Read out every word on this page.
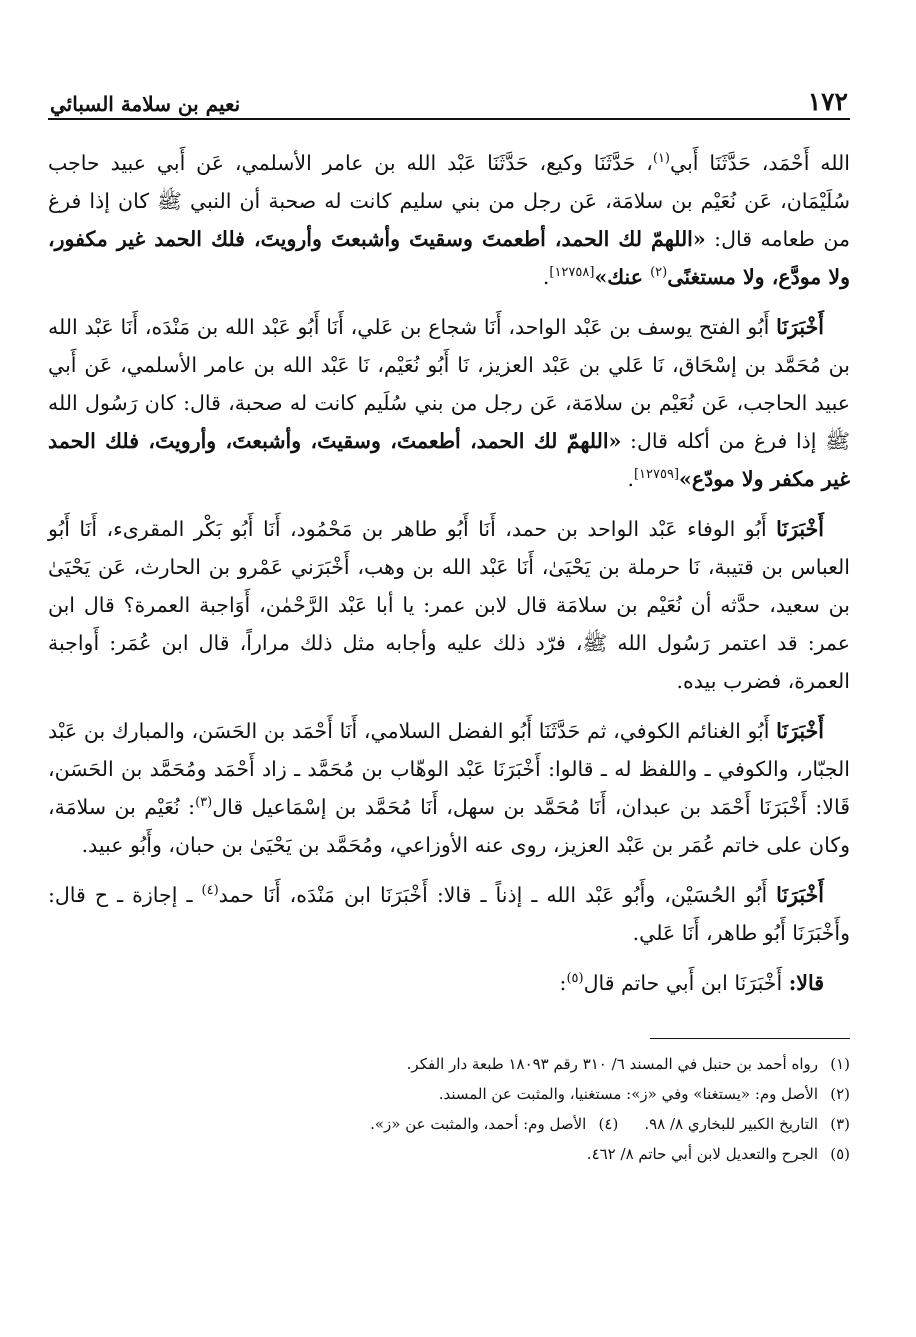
١٧٢
نعيم بن سلامة السبائي

الله أَحْمَد، حَدَّثَنَا أَبي$^{(١)}$، حَدَّثَنَا وكيع، حَدَّثَنَا عَبْد الله بن عامر الأسلمي، عَن أَبي عبيد حاجب سُلَيْمَان، عَن نُعَيْم بن سلامَة، عَن رجل من بني سليم كانت له صحبة أن النبي ﷺ كان إذا فرغ من طعامه قال: «اللهمّ لك الحمد، أطعمتَ وسقيتَ وأشبعتَ وأرويتَ، فلك الحمد غير مكفور، ولا مودَّع، ولا مستغنًى$^{(٢)}$ عنك»[١٢٧٥٨].

أَخْبَرَنَا أَبُو الفتح يوسف بن عَبْد الواحد، أَنَا شجاع بن عَلي، أَنَا أَبُو عَبْد الله بن مَنْدَه، أَنَا عَبْد الله بن مُحَمَّد بن إسْحَاق، نَا عَلي بن عَبْد العزيز، نَا أَبُو نُعَيْم، نَا عَبْد الله بن عامر الأسلمي، عَن أَبي عبيد الحاجب، عَن نُعَيْم بن سلامَة، عَن رجل من بني سُلَيم كانت له صحبة، قال: كان رَسُول الله ﷺ إذا فرغ من أكله قال: «اللهمّ لك الحمد، أطعمتَ، وسقيتَ، وأشبعتَ، وأرويتَ، فلك الحمد غير مكفر ولا مودّع»[١٢٧٥٩].

أَخْبَرَنَا أَبُو الوفاء عَبْد الواحد بن حمد، أَنَا أَبُو طاهر بن مَحْمُود، أَنَا أَبُو بَكْر المقرىء، أَنَا أَبُو العباس بن قتيبة، نَا حرملة بن يَحْيَىٰ، أَنَا عَبْد الله بن وهب، أَخْبَرَني عَمْرو بن الحارث، عَن يَحْيَىٰ بن سعيد، حدَّثه أن نُعَيْم بن سلامَة قال لابن عمر: يا أبا عَبْد الرَّحْمٰن، أَوَاجبة العمرة؟ قال ابن عمر: قد اعتمر رَسُول الله ﷺ، فرّد ذلك عليه وأجابه مثل ذلك مراراً، قال ابن عُمَر: أَواجبة العمرة، فضرب بيده.

أَخْبَرَنَا أَبُو الغنائم الكوفي، ثم حَدَّثَنَا أَبُو الفضل السلامي، أَنَا أَحْمَد بن الحَسَن، والمبارك بن عَبْد الجبّار، والكوفي ـ واللفظ له ـ قالوا: أَخْبَرَنَا عَبْد الوهّاب بن مُحَمَّد ـ زاد أَحْمَد ومُحَمَّد بن الحَسَن، قَالا: أَخْبَرَنَا أَحْمَد بن عبدان، أَنَا مُحَمَّد بن سهل، أَنَا مُحَمَّد بن إسْمَاعيل قال$^{(٣)}$: نُعَيْم بن سلامَة، وكان على خاتم عُمَر بن عَبْد العزيز، روى عنه الأوزاعي، ومُحَمَّد بن يَحْيَىٰ بن حبان، وأَبُو عبيد.

أَخْبَرَنَا أَبُو الحُسَيْن، وأَبُو عَبْد الله ـ إذناً ـ قالا: أَخْبَرَنَا ابن مَنْدَه، أَنَا حمد$^{(٤)}$ ـ إجازة ـ ح قال: وأَخْبَرَنَا أَبُو طاهر، أَنَا عَلي.

قالا: أَخْبَرَنَا ابن أَبي حاتم قال$^{(٥)}$:

(١)رواه أحمد بن حنبل في المسند ٦/ ٣١٠ رقم ١٨٠٩٣ طبعة دار الفكر.
(٢)الأصل وم: «يستغنا» وفي «ز»: مستغنيا، والمثبت عن المسند.
(٣)التاريخ الكبير للبخاري ٨/ ٩٨.
(٤)الأصل وم: أحمد، والمثبت عن «ز».
(٥)الجرح والتعديل لابن أبي حاتم ٨/ ٤٦٢.
